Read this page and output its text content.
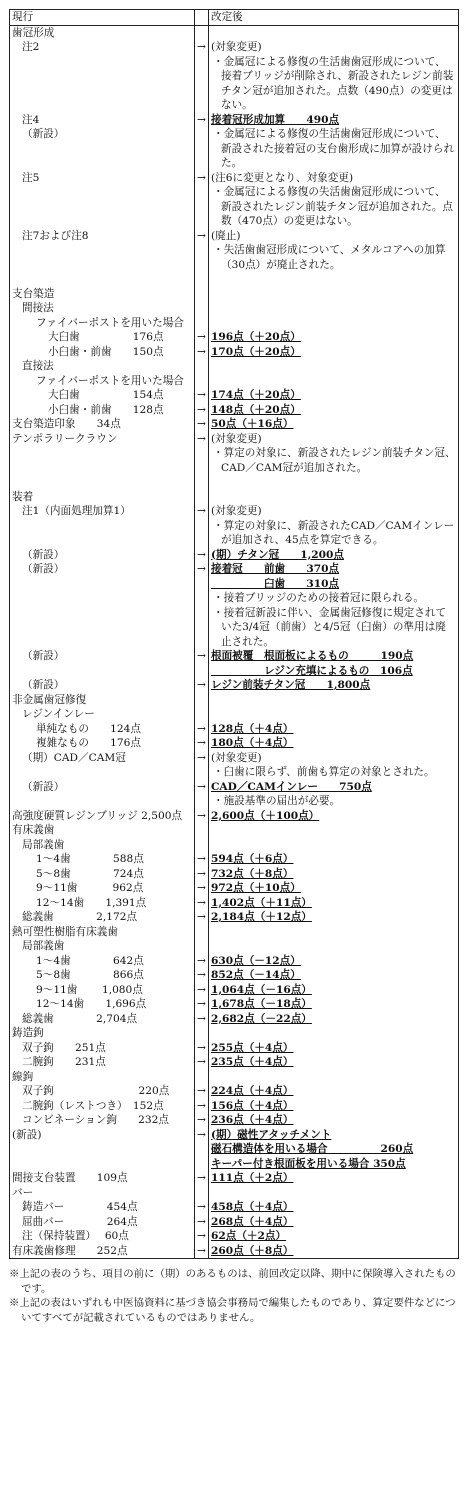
現行		改定後
歯冠形成		
注2	→	(対象変更)

		・金属冠による修復の生活歯歯冠形成について、接着ブリッジが削除され、新設されたレジン前装チタン冠が追加された。点数（490点）の変更はない。

注4	→	接着冠形成加算　　490点

（新設）		・金属冠による修復の生活歯歯冠形成について、新設された接着冠の支台歯形成に加算が設けられた。

注5	→	(注6に変更となり、対象変更)

		・金属冠による修復の失活歯歯冠形成について、新設されたレジン前装チタン冠が追加された。点数（470点）の変更はない。

注7および注8	→	(廃止)

		・失活歯歯冠形成について、メタルコアへの加算（30点）が廃止された。

支台築造		
間接法		
ファイバーポストを用いた場合		
大臼歯　　　　　176点	→	196点（＋20点）

小臼歯・前歯　　150点	→	170点（＋20点）

直接法		
ファイバーポストを用いた場合		
大臼歯　　　　　154点	→	174点（＋20点）

小臼歯・前歯　　128点	→	148点（＋20点）

支台築造印象　　34点	→	50点（＋16点）

テンポラリークラウン	→	(対象変更)

		・算定の対象に、新設されたレジン前装チタン冠、CAD／CAM冠が追加された。

装着		
注1（内面処理加算1）	→	(対象変更)

		・算定の対象に、新設されたCAD／CAMインレーが追加され、45点を算定できる。

（新設）	→	(期）チタン冠　　1,200点

（新設）	→	接着冠　　前歯　　370点
　　　　　臼歯　　310点

		・接着ブリッジのための接着冠に限られる。

		・接着冠新設に伴い、金属歯冠修復に規定されていた3/4冠（前歯）と4/5冠（臼歯）の準用は廃止された。

（新設）	→	根面被覆　根面板によるもの　　　190点
　　　　　レジン充填によるもの　106点

（新設）	→	レジン前装チタン冠　　1,800点

非金属歯冠修復		
レジンインレー		
単純なもの　　124点	→	128点（＋4点）

複雑なもの　　176点	→	180点（＋4点）

（期）CAD／CAM冠	→	(対象変更)

		・臼歯に限らず、前歯も算定の対象とされた。

（新設）	→	CAD／CAMインレー　　750点

		・施設基準の届出が必要。

高強度硬質レジンブリッジ 2,500点	→	2,600点（＋100点）

有床義歯		
局部義歯		
1～4歯　　　　588点	→	594点（＋6点）

5～8歯　　　　724点	→	732点（＋8点）

9～11歯　　　 962点	→	972点（＋10点）

12～14歯　　1,391点	→	1,402点（＋11点）

総義歯　　　　2,172点	→	2,184点（＋12点）

熱可塑性樹脂有床義歯		
局部義歯		
1～4歯　　　　642点	→	630点（－12点）

5～8歯　　　　866点	→	852点（－14点）

9～11歯　　 1,080点	→	1,064点（－16点）

12～14歯　　1,696点	→	1,678点（－18点）

総義歯　　　　2,704点	→	2,682点（－22点）

鋳造鉤		
双子鉤　　251点	→	255点（＋4点）

二腕鉤　　231点	→	235点（＋4点）

線鉤		
双子鉤　　　　　　　　220点	→	224点（＋4点）

二腕鉤（レストつき）　152点	→	156点（＋4点）

コンビネーション鉤　　232点	→	236点（＋4点）

(新設)	→	(期）磁性アタッチメント

		磁石構造体を用いる場合　　　　　260点
キーパー付き根面板を用いる場合 350点

間接支台装置　　109点	→	111点（＋2点）

バー		
鋳造バー　　　　454点	→	458点（＋4点）

屈曲バー　　　　264点	→	268点（＋4点）

注（保持装置）　 60点	→	62点（＋2点）

有床義歯修理　　252点	→	260点（＋8点）
※上記の表のうち、項目の前に（期）のあるものは、前回改定以降、期中に保険導入されたものです。
※上記の表はいずれも中医協資料に基づき協会事務局で編集したものであり、算定要件などについてすべてが記載されているものではありません。
